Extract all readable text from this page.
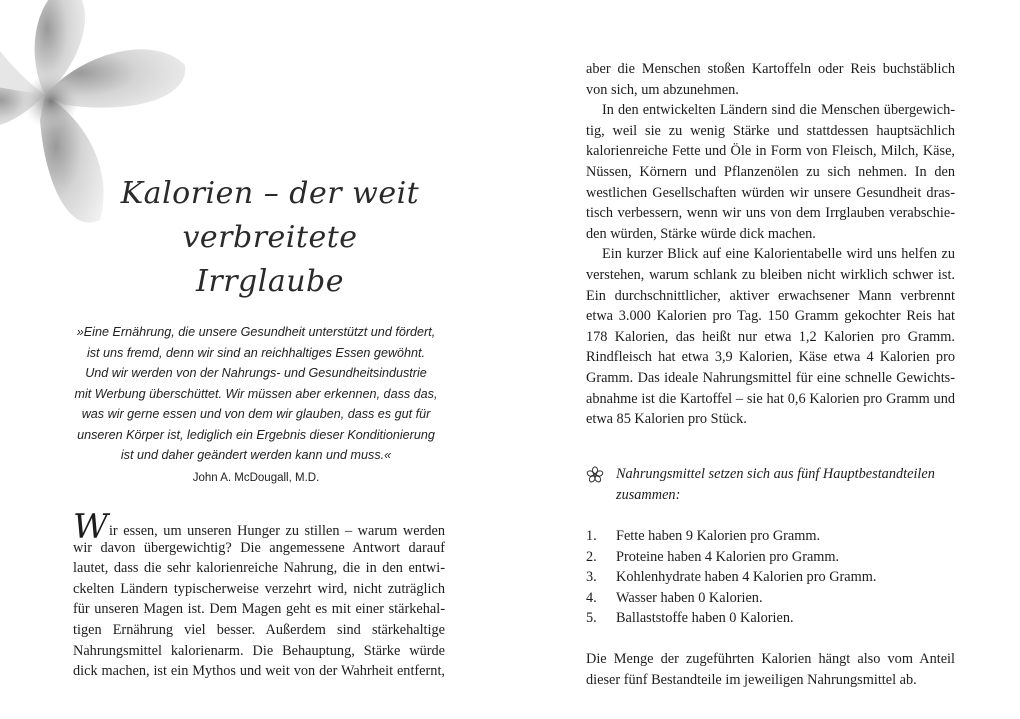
Kalorien – der weit
verbreitete Irrglaube
»Eine Ernährung, die unsere Gesundheit unterstützt und fördert,
ist uns fremd, denn wir sind an reichhaltiges Essen gewöhnt.
Und wir werden von der Nahrungs- und Gesundheitsindustrie
mit Werbung überschüttet. Wir müssen aber erkennen, dass das,
was wir gerne essen und von dem wir glauben, dass es gut für
unseren Körper ist, lediglich ein Ergebnis dieser Konditionierung
ist und daher geändert werden kann und muss.«
John A. McDougall, M.D.
Wir essen, um unseren Hunger zu stillen – warum werden
wir davon übergewichtig? Die angemessene Antwort darauf
lautet, dass die sehr kalorienreiche Nahrung, die in den entwi-
ckelten Ländern typischerweise verzehrt wird, nicht zuträglich
für unseren Magen ist. Dem Magen geht es mit einer stärkehal-
tigen Ernährung viel besser. Außerdem sind stärkehaltige
Nahrungsmittel kalorienarm. Die Behauptung, Stärke würde
dick machen, ist ein Mythos und weit von der Wahrheit entfernt,
aber die Menschen stoßen Kartoffeln oder Reis buchstäblich
von sich, um abzunehmen.
In den entwickelten Ländern sind die Menschen übergewich-
tig, weil sie zu wenig Stärke und stattdessen hauptsächlich
kalorienreiche Fette und Öle in Form von Fleisch, Milch, Käse,
Nüssen, Körnern und Pflanzenölen zu sich nehmen. In den
westlichen Gesellschaften würden wir unsere Gesundheit dras-
tisch verbessern, wenn wir uns von dem Irrglauben verabschie-
den würden, Stärke würde dick machen.
Ein kurzer Blick auf eine Kalorientabelle wird uns helfen zu
verstehen, warum schlank zu bleiben nicht wirklich schwer ist.
Ein durchschnittlicher, aktiver erwachsener Mann verbrennt
etwa 3.000 Kalorien pro Tag. 150 Gramm gekochter Reis hat
178 Kalorien, das heißt nur etwa 1,2 Kalorien pro Gramm.
Rindfleisch hat etwa 3,9 Kalorien, Käse etwa 4 Kalorien pro
Gramm. Das ideale Nahrungsmittel für eine schnelle Gewichts-
abnahme ist die Kartoffel – sie hat 0,6 Kalorien pro Gramm und
etwa 85 Kalorien pro Stück.
Nahrungsmittel setzen sich aus fünf Hauptbestandteilen
zusammen:
1.	Fette haben 9 Kalorien pro Gramm.
2.	Proteine haben 4 Kalorien pro Gramm.
3.	Kohlenhydrate haben 4 Kalorien pro Gramm.
4.	Wasser haben 0 Kalorien.
5.	Ballaststoffe haben 0 Kalorien.
Die Menge der zugeführten Kalorien hängt also vom Anteil
dieser fünf Bestandteile im jeweiligen Nahrungsmittel ab.
